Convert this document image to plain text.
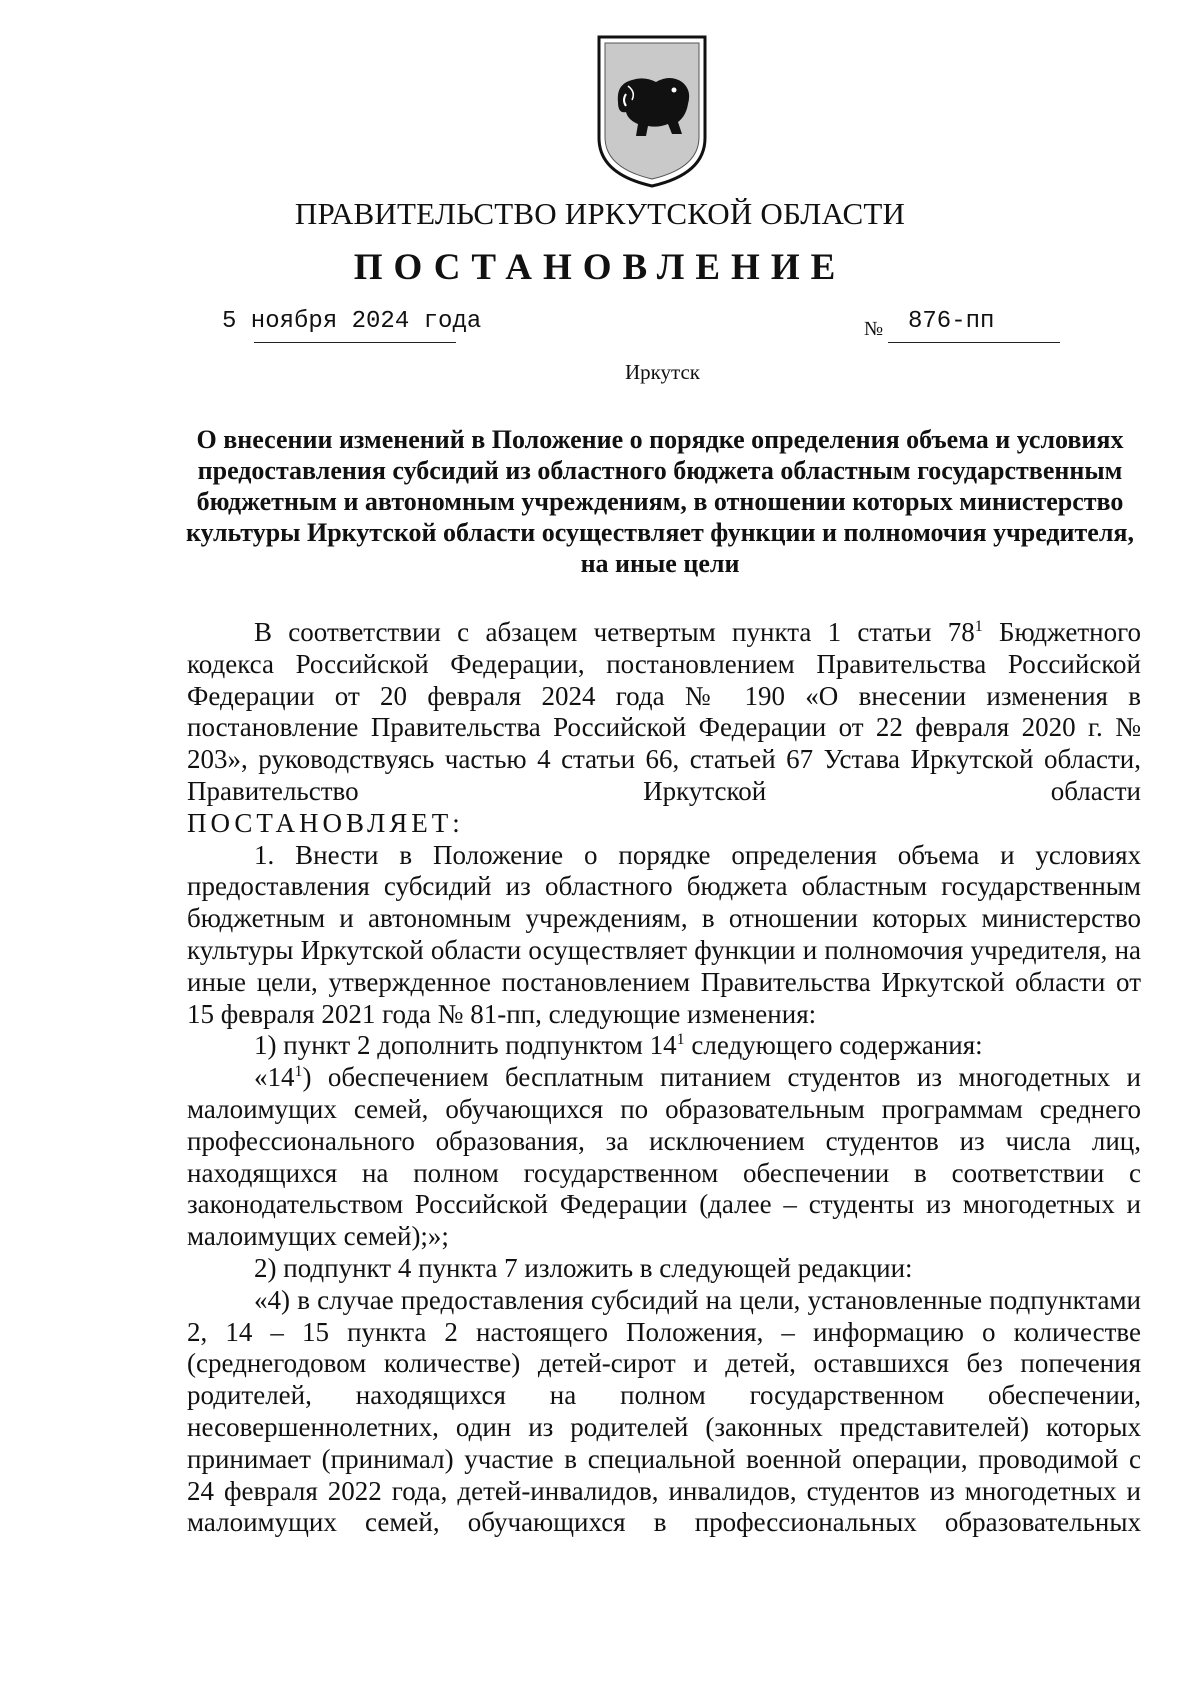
ПРАВИТЕЛЬСТВО ИРКУТСКОЙ ОБЛАСТИ
ПОСТАНОВЛЕНИЕ
5 ноября 2024 года	№ 876-пп
Иркутск

О внесении изменений в Положение о порядке определения объема и условиях предоставления субсидий из областного бюджета областным государственным бюджетным и автономным учреждениям, в отношении которых министерство культуры Иркутской области осуществляет функции и полномочия учредителя, на иные цели

В соответствии с абзацем четвертым пункта 1 статьи $78^1$ Бюджетного кодекса Российской Федерации, постановлением Правительства Российской Федерации от 20 февраля 2024 года № 190 «О внесении изменения в постановление Правительства Российской Федерации от 22 февраля 2020 г. № 203», руководствуясь частью 4 статьи 66, статьей 67 Устава Иркутской области, Правительство Иркутской области

ПОСТАНОВЛЯЕТ:

1. Внести в Положение о порядке определения объема и условиях предоставления субсидий из областного бюджета областным государственным бюджетным и автономным учреждениям, в отношении которых министерство культуры Иркутской области осуществляет функции и полномочия учредителя, на иные цели, утвержденное постановлением Правительства Иркутской области от 15 февраля 2021 года № 81-пп, следующие изменения:

1) пункт 2 дополнить подпунктом $14^1$ следующего содержания:

«$14^1$) обеспечением бесплатным питанием студентов из многодетных и малоимущих семей, обучающихся по образовательным программам среднего профессионального образования, за исключением студентов из числа лиц, находящихся на полном государственном обеспечении в соответствии с законодательством Российской Федерации (далее – студенты из многодетных и малоимущих семей);»;

2) подпункт 4 пункта 7 изложить в следующей редакции:

«4) в случае предоставления субсидий на цели, установленные подпунктами 2, 14 – 15 пункта 2 настоящего Положения, – информацию о количестве (среднегодовом количестве) детей-сирот и детей, оставшихся без попечения родителей, находящихся на полном государственном обеспечении, несовершеннолетних, один из родителей (законных представителей) которых принимает (принимал) участие в специальной военной операции, проводимой с 24 февраля 2022 года, детей-инвалидов, инвалидов, студентов из многодетных и малоимущих семей, обучающихся в профессиональных образовательных
